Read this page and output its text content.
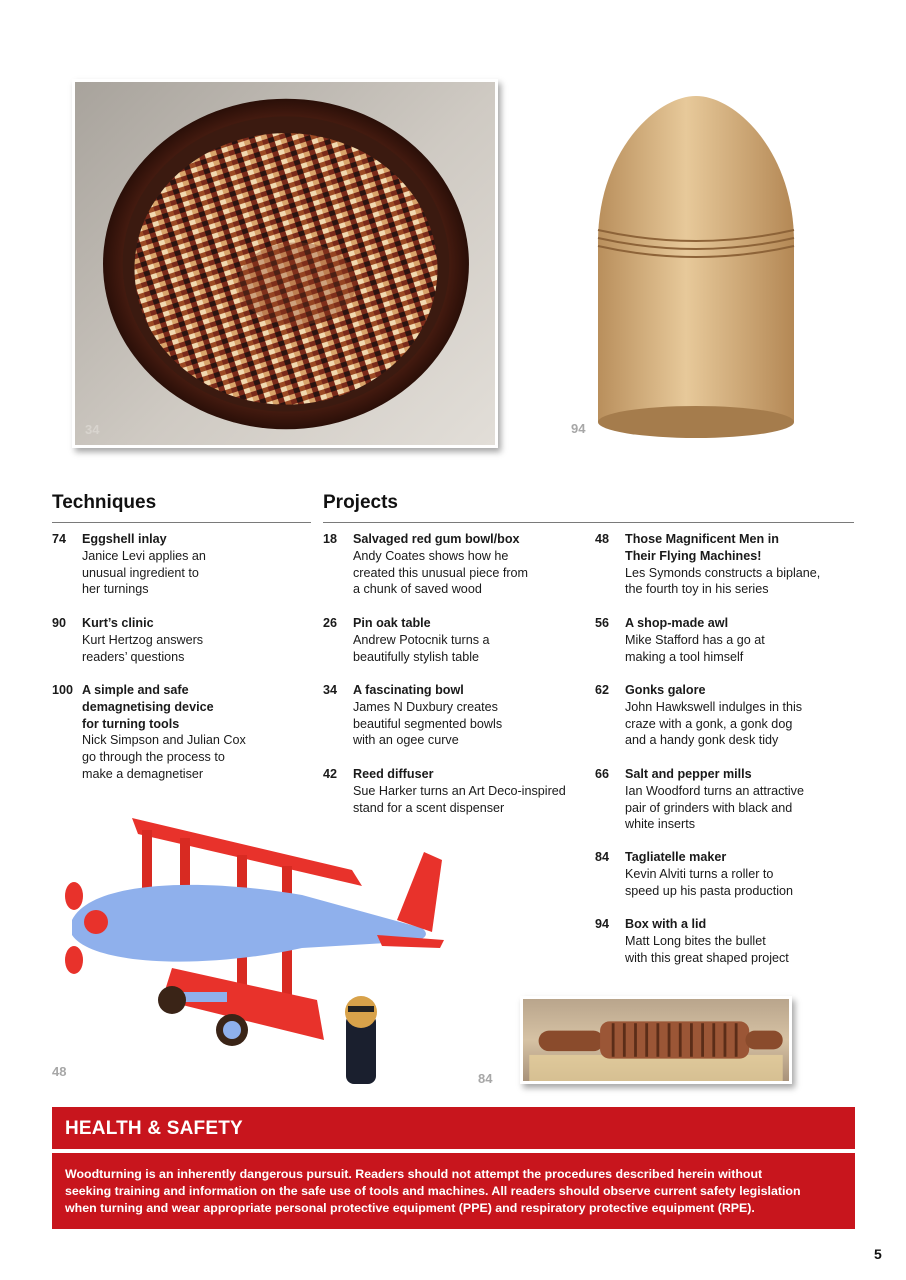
34	94
Techniques
74 Eggshell inlay
Janice Levi applies an
unusual ingredient to
her turnings
90 Kurt’s clinic
Kurt Hertzog answers
readers’ questions
100 A simple and safe
demagnetising device
for turning tools
Nick Simpson and Julian Cox
go through the process to
make a demagnetiser
Projects
18 Salvaged red gum bowl/box
Andy Coates shows how he
created this unusual piece from
a chunk of saved wood
26 Pin oak table
Andrew Potocnik turns a
beautifully stylish table
34 A fascinating bowl
James N Duxbury creates
beautiful segmented bowls
with an ogee curve
42 Reed diffuser
Sue Harker turns an Art Deco-inspired
stand for a scent dispenser
48 Those Magnificent Men in
Their Flying Machines!
Les Symonds constructs a biplane,
the fourth toy in his series
56 A shop-made awl
Mike Stafford has a go at
making a tool himself
62 Gonks galore
John Hawkswell indulges in this
craze with a gonk, a gonk dog
and a handy gonk desk tidy
66 Salt and pepper mills
Ian Woodford turns an attractive
pair of grinders with black and
white inserts
84 Tagliatelle maker
Kevin Alviti turns a roller to
speed up his pasta production
94 Box with a lid
Matt Long bites the bullet
with this great shaped project
48	84
HEALTH & SAFETY
Woodturning is an inherently dangerous pursuit. Readers should not attempt the procedures described herein without
seeking training and information on the safe use of tools and machines. All readers should observe current safety legislation
when turning and wear appropriate personal protective equipment (PPE) and respiratory protective equipment (RPE).
5
